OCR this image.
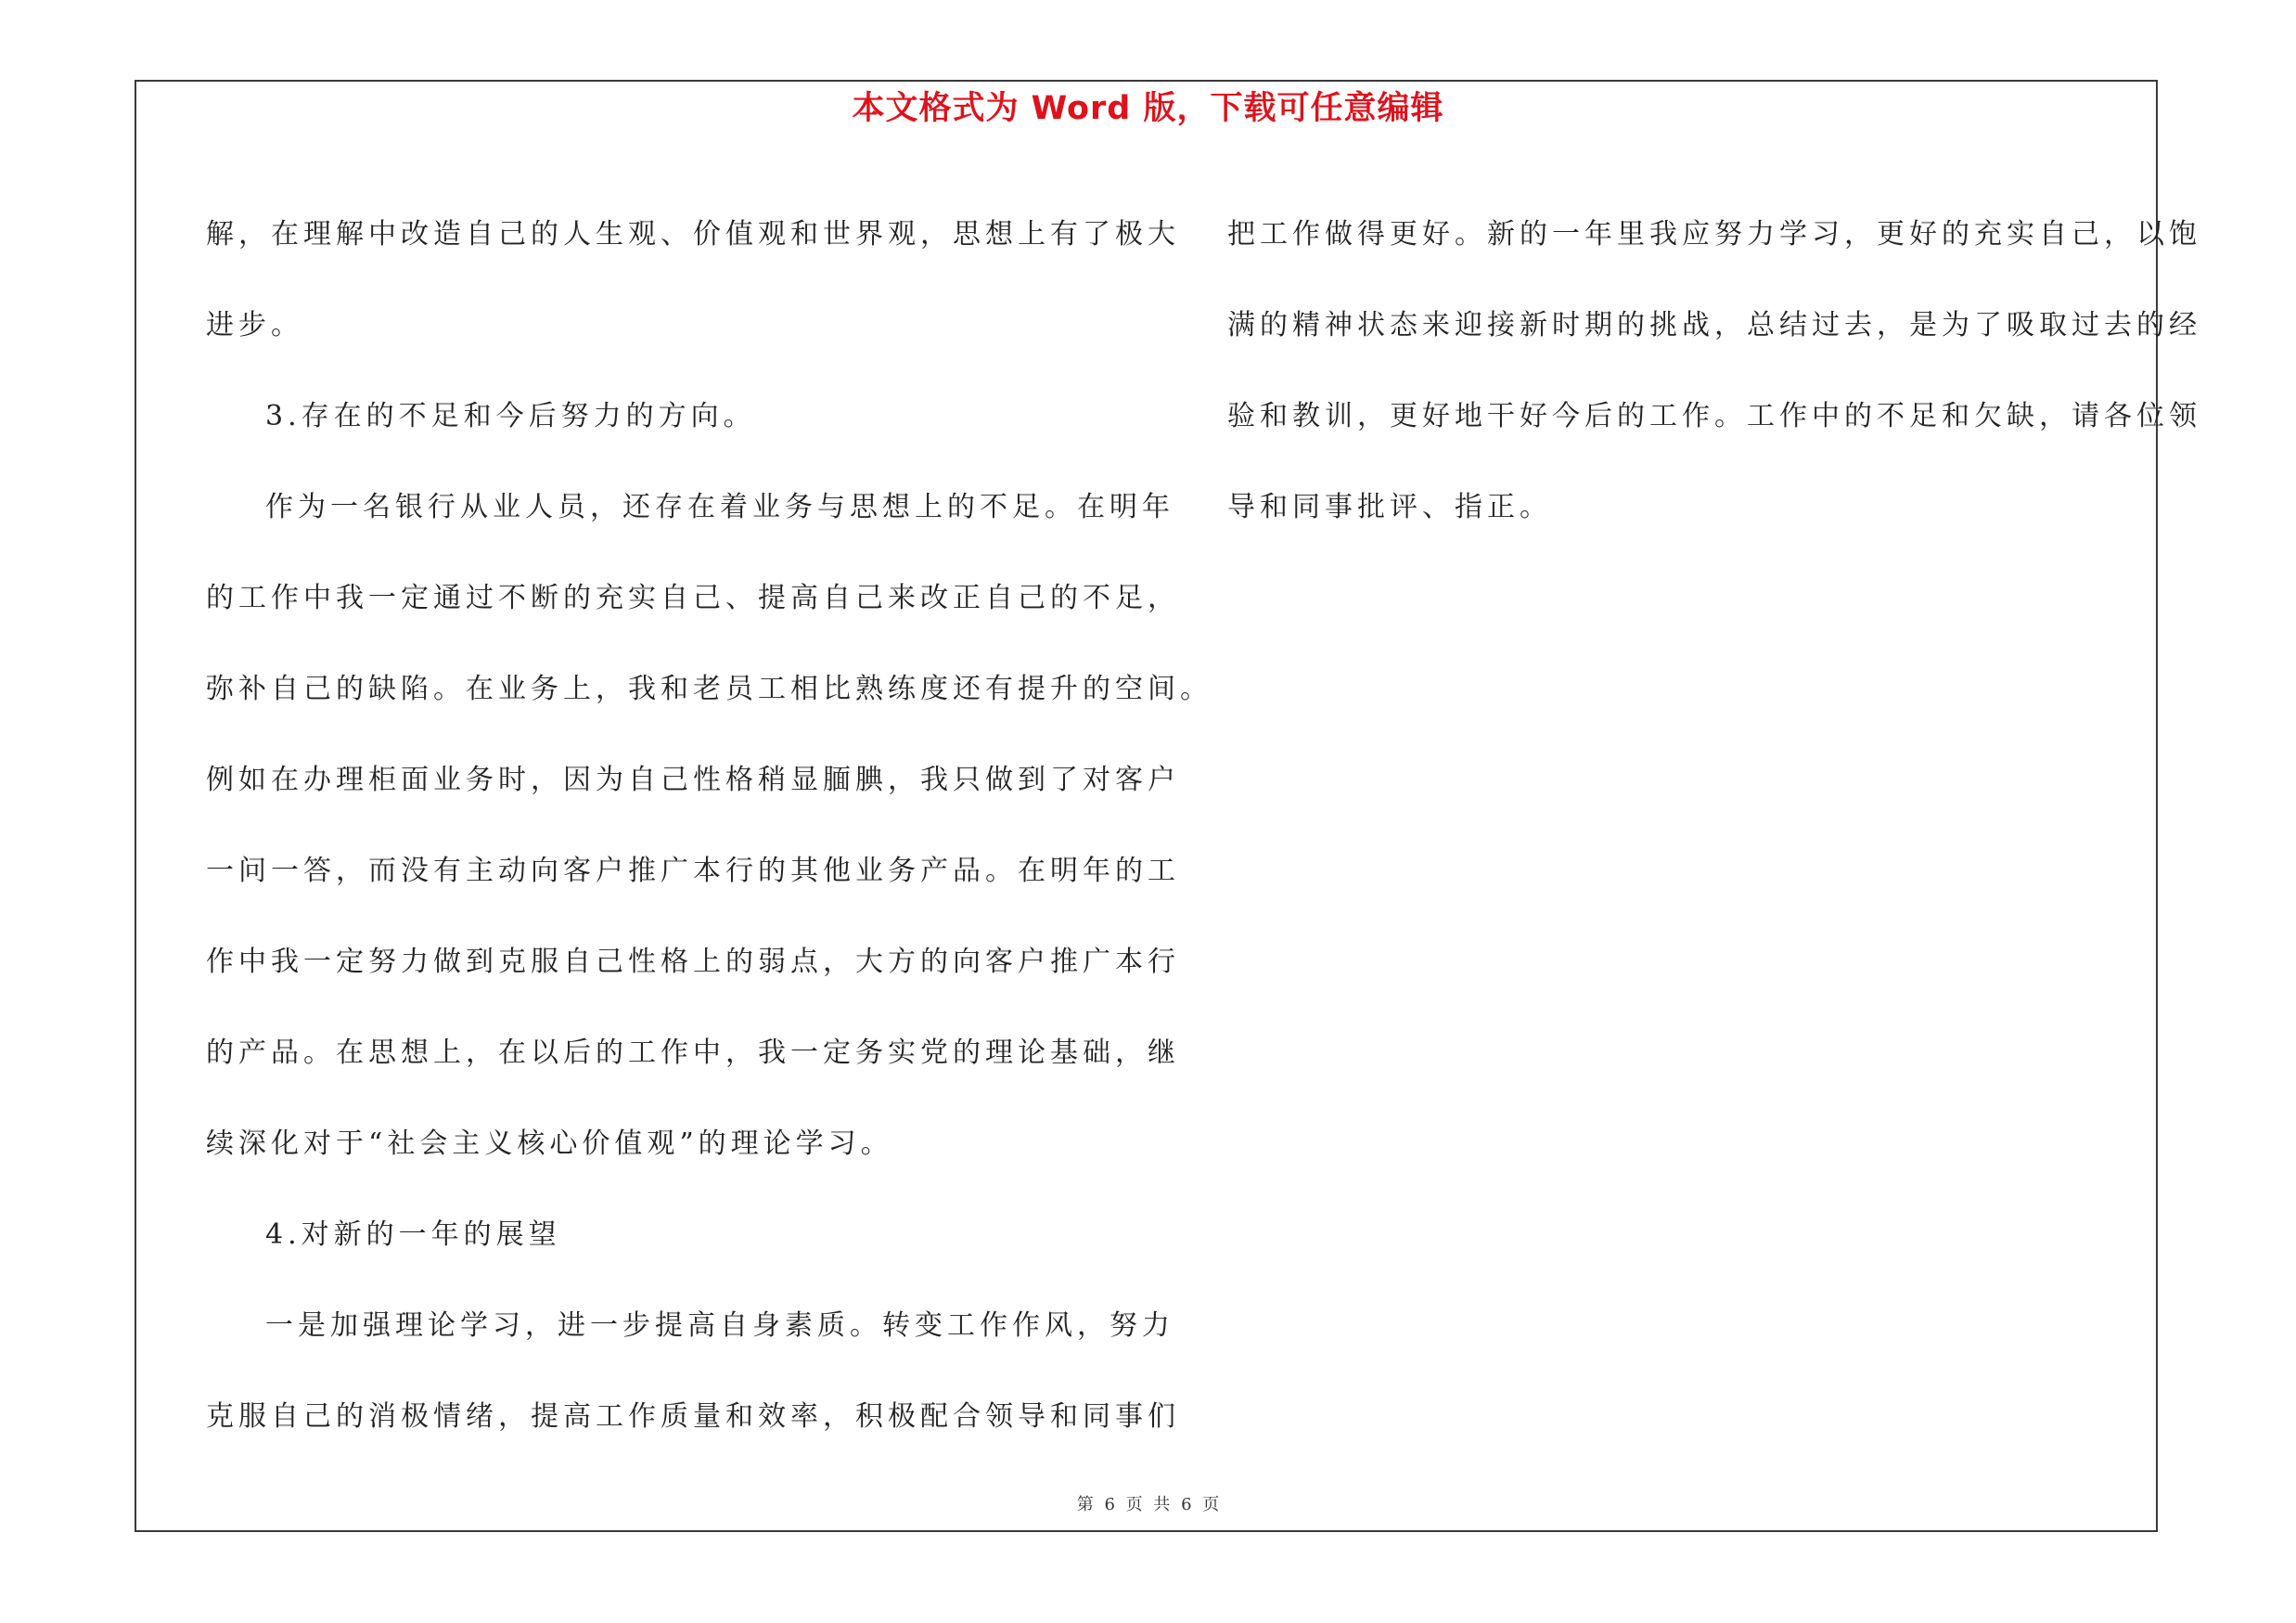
本文格式为 Word 版，下载可任意编辑
解，在理解中改造自己的人生观、价值观和世界观，思想上有了极大
进步。
3.存在的不足和今后努力的方向。
作为一名银行从业人员，还存在着业务与思想上的不足。在明年
的工作中我一定通过不断的充实自己、提高自己来改正自己的不足，
弥补自己的缺陷。在业务上，我和老员工相比熟练度还有提升的空间。
例如在办理柜面业务时，因为自己性格稍显腼腆，我只做到了对客户
一问一答，而没有主动向客户推广本行的其他业务产品。在明年的工
作中我一定努力做到克服自己性格上的弱点，大方的向客户推广本行
的产品。在思想上，在以后的工作中，我一定务实党的理论基础，继
续深化对于“社会主义核心价值观”的理论学习。
4.对新的一年的展望
一是加强理论学习，进一步提高自身素质。转变工作作风，努力
克服自己的消极情绪，提高工作质量和效率，积极配合领导和同事们
把工作做得更好。新的一年里我应努力学习，更好的充实自己，以饱
满的精神状态来迎接新时期的挑战，总结过去，是为了吸取过去的经
验和教训，更好地干好今后的工作。工作中的不足和欠缺，请各位领
导和同事批评、指正。
第 6 页 共 6 页
